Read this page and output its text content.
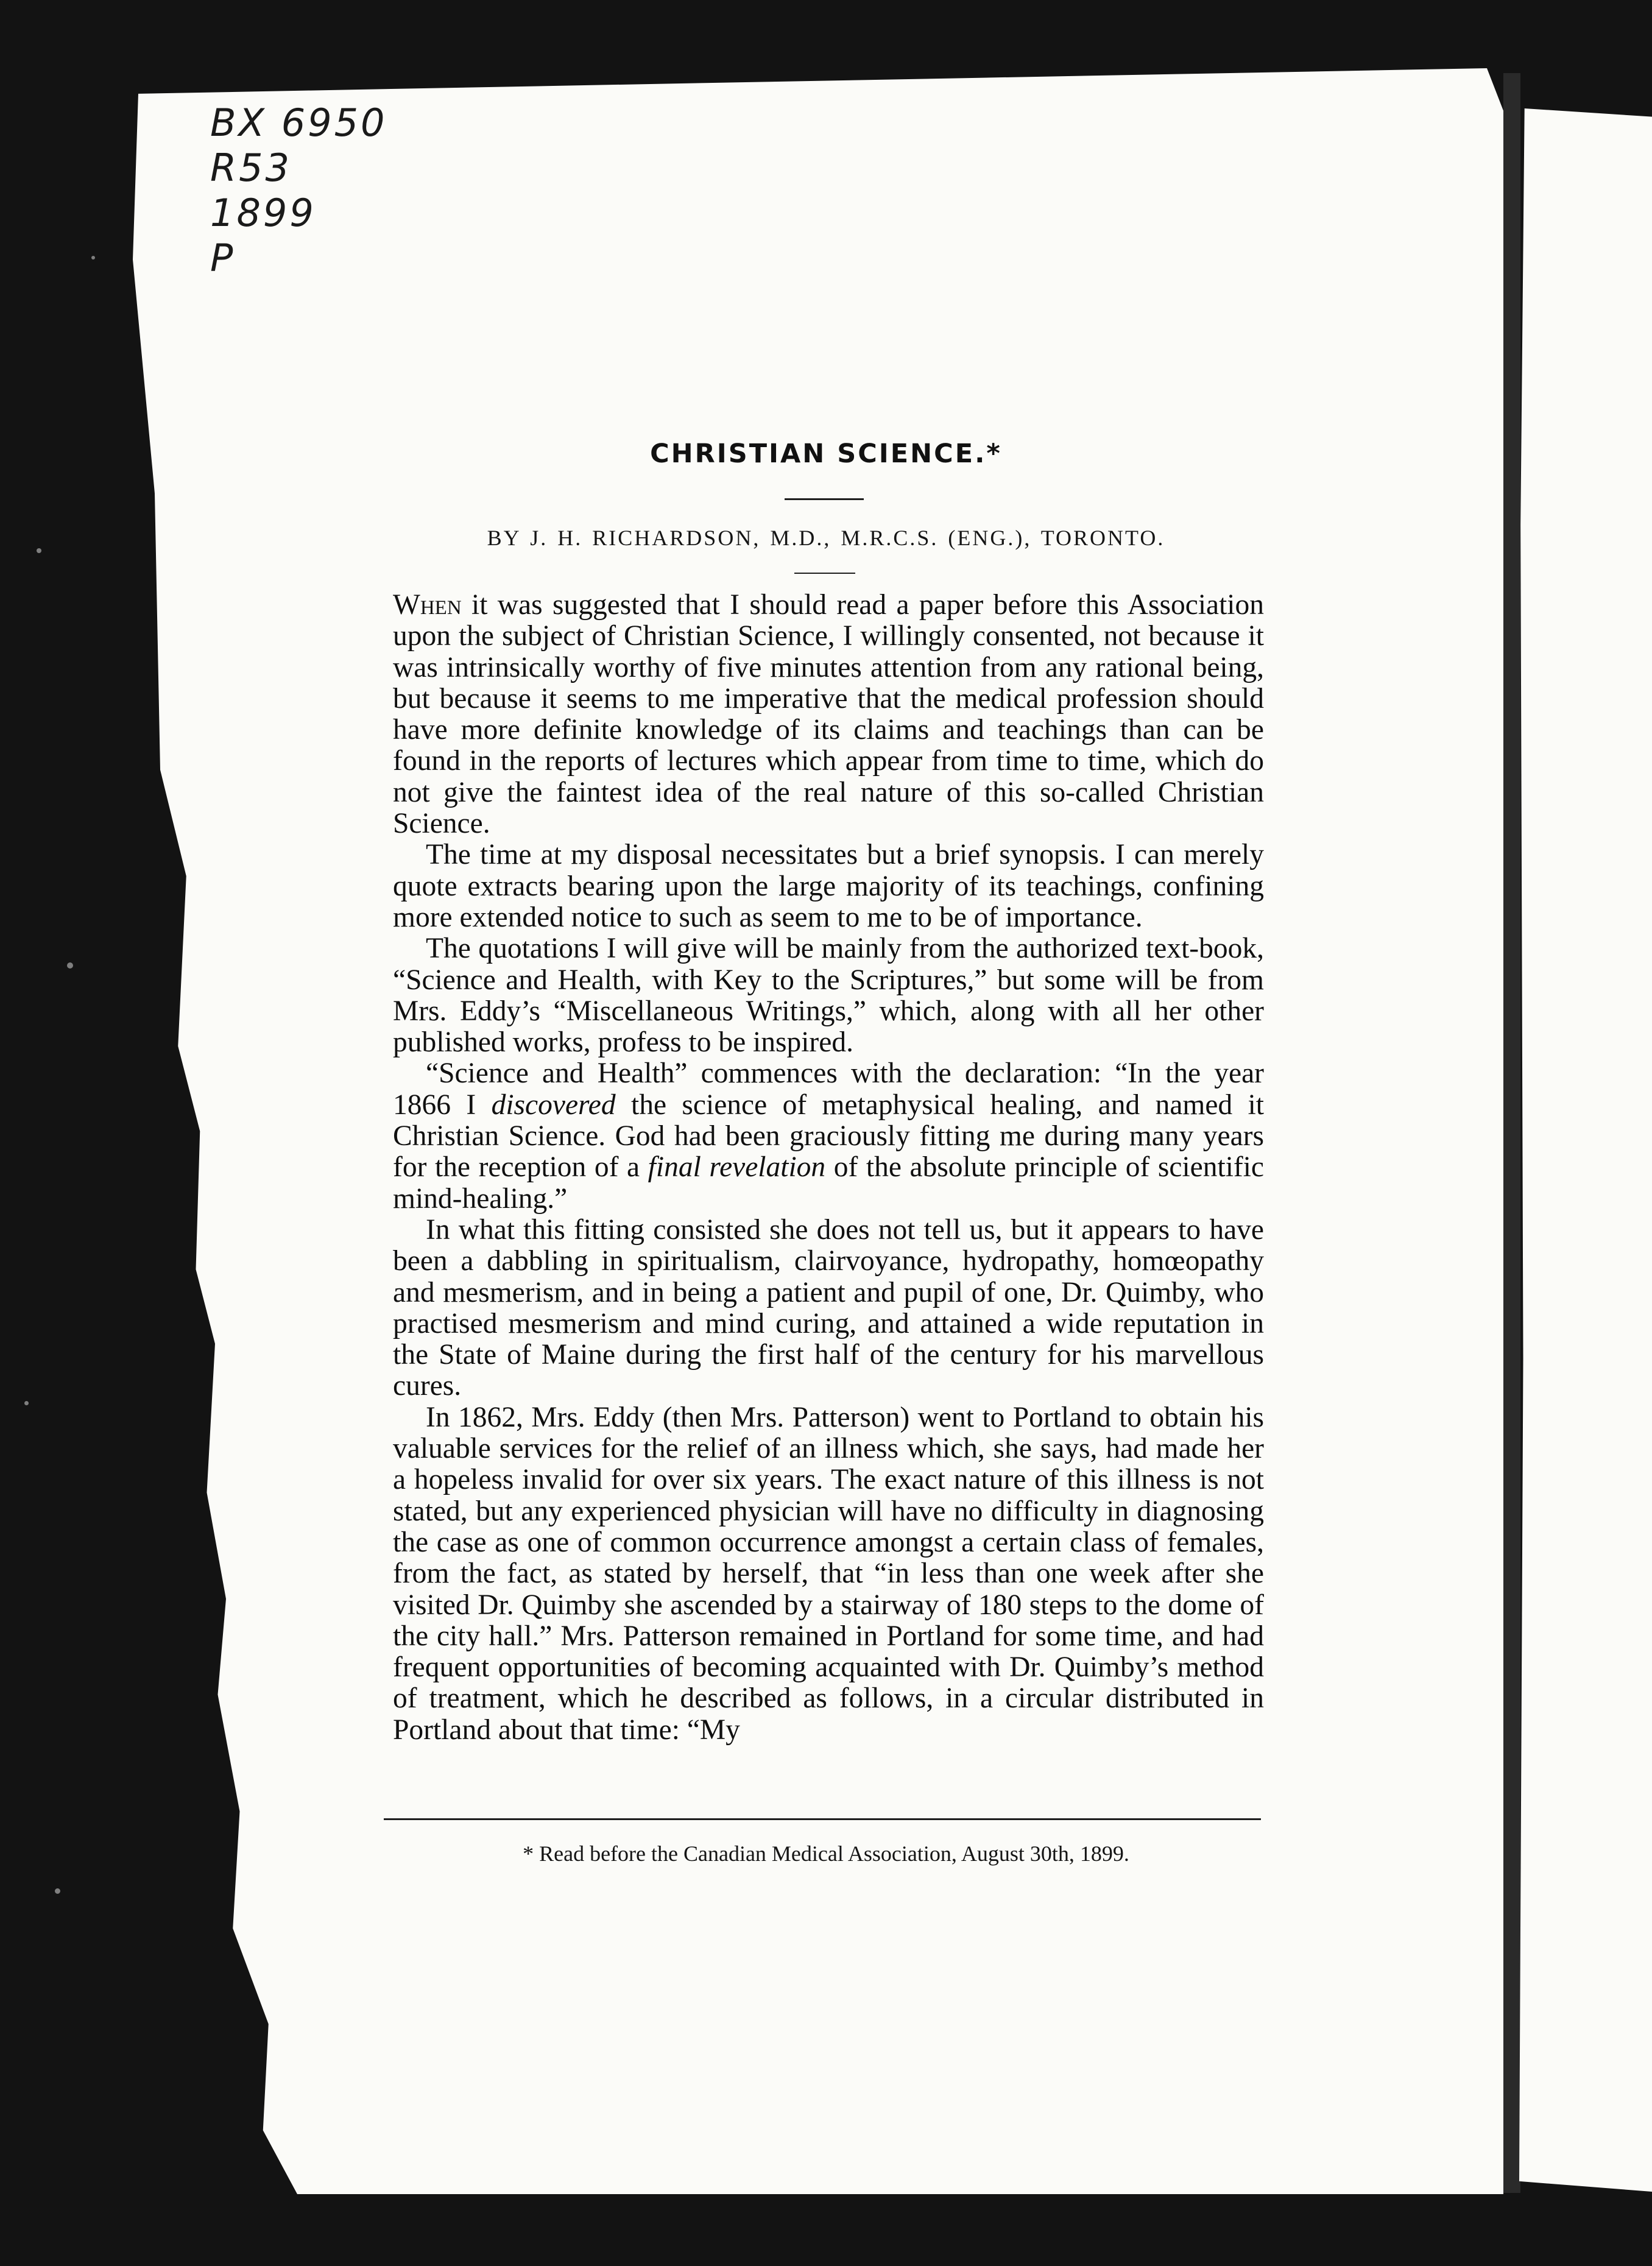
BX 6950
R53
1899
P
CHRISTIAN SCIENCE.*
BY J. H. RICHARDSON, M.D., M.R.C.S. (ENG.), TORONTO.

When it was suggested that I should read a paper before this Association upon the subject of Christian Science, I willingly consented, not because it was intrinsically worthy of five minutes attention from any rational being, but because it seems to me imperative that the medical profession should have more definite knowledge of its claims and teachings than can be found in the reports of lectures which appear from time to time, which do not give the faintest idea of the real nature of this so-called Christian Science.

The time at my disposal necessitates but a brief synopsis. I can merely quote extracts bearing upon the large majority of its teachings, confining more extended notice to such as seem to me to be of importance.

The quotations I will give will be mainly from the authorized text-book, “Science and Health, with Key to the Scriptures,” but some will be from Mrs. Eddy’s “Miscellaneous Writings,” which, along with all her other published works, profess to be inspired.

“Science and Health” commences with the declaration: “In the year 1866 I discovered the science of metaphysical healing, and named it Christian Science. God had been graciously fitting me during many years for the reception of a final revelation of the absolute principle of scientific mind-healing.”

In what this fitting consisted she does not tell us, but it appears to have been a dabbling in spiritualism, clairvoyance, hydropathy, homœopathy and mesmerism, and in being a patient and pupil of one, Dr. Quimby, who practised mesmerism and mind curing, and attained a wide reputation in the State of Maine during the first half of the century for his marvellous cures.

In 1862, Mrs. Eddy (then Mrs. Patterson) went to Portland to obtain his valuable services for the relief of an illness which, she says, had made her a hopeless invalid for over six years. The exact nature of this illness is not stated, but any experienced physician will have no difficulty in diagnosing the case as one of common occurrence amongst a certain class of females, from the fact, as stated by herself, that “in less than one week after she visited Dr. Quimby she ascended by a stairway of 180 steps to the dome of the city hall.” Mrs. Patterson remained in Portland for some time, and had frequent opportunities of becoming acquainted with Dr. Quimby’s method of treatment, which he described as follows, in a circular distributed in Portland about that time: “My

* Read before the Canadian Medical Association, August 30th, 1899.
